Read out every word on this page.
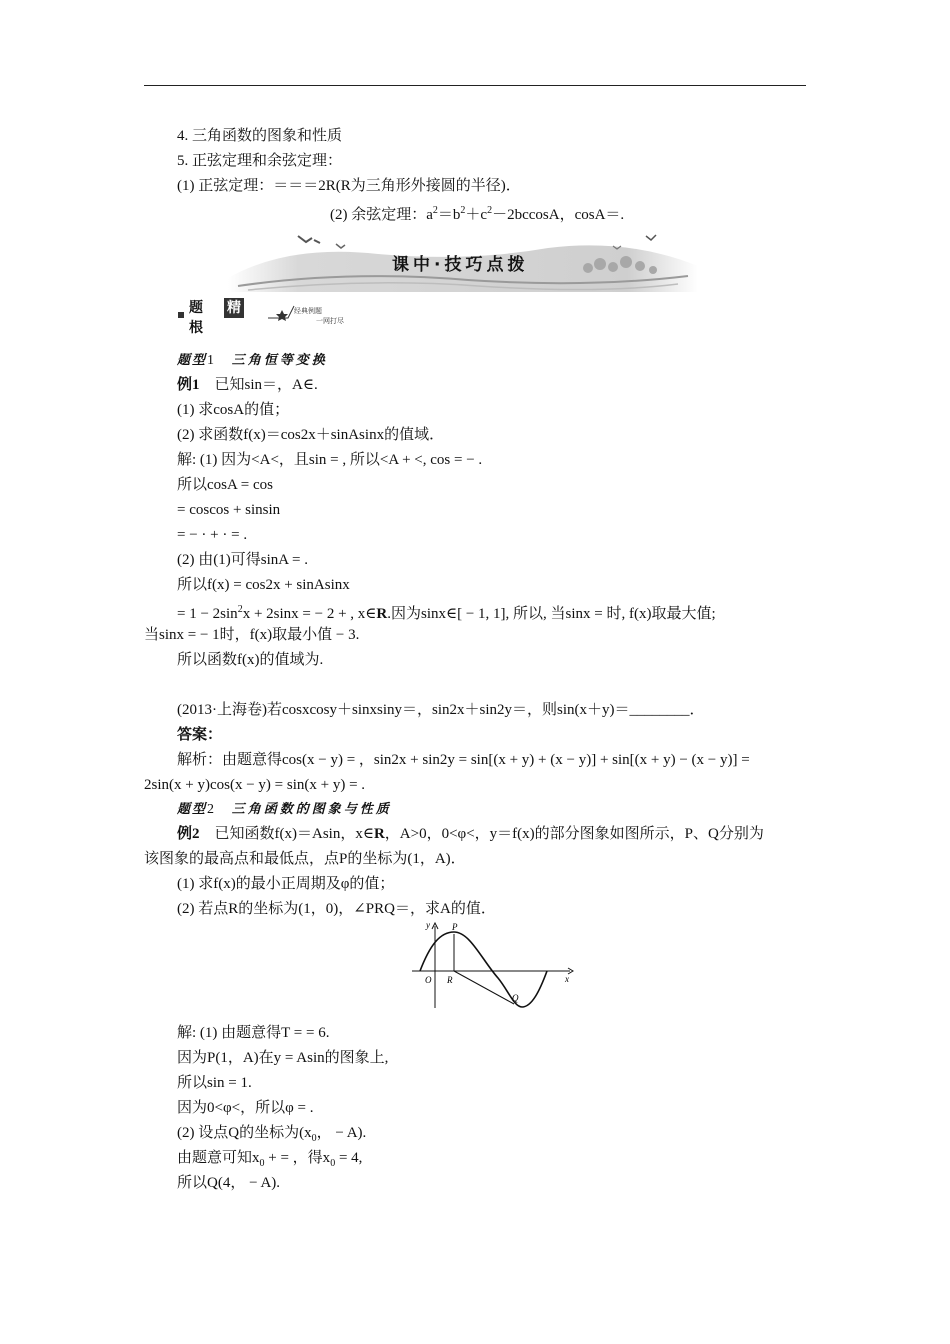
4. 三角函数的图象和性质
5. 正弦定理和余弦定理：
(1) 正弦定理：＝＝＝2R(R为三角形外接圆的半径)．
(2) 余弦定理：$a^2=b^2+c^2-2bccosA$，cosA＝.
课中·技巧点拨
题根
精选
经典例题
一网打尽
题型1 三角恒等变换
例1　已知sin＝，A∈.
(1) 求cosA的值；
(2) 求函数f(x)＝cos2x＋sinAsinx的值域．
解: (1) 因为<A<，且sin = , 所以<A + <, cos = − .
所以cosA = cos
= coscos + sinsin
= − · + · = .
(2) 由(1)可得sinA = .
所以f(x) = cos2x + sinAsinx
= $1 - 2\sin^2x + 2\sin x$ = − 2 + , x∈R.因为sinx∈[ − 1, 1], 所以, 当sinx = 时, f(x)取最大值;
当sinx = − 1时，f(x)取最小值 − 3.
所以函数f(x)的值域为.
(2013·上海卷)若cosxcosy＋sinxsiny＝，sin2x＋sin2y＝，则sin(x＋y)＝________．
答案：
解析：由题意得cos(x − y) = ，sin2x + sin2y = sin[(x + y) + (x − y)] + sin[(x + y) − (x − y)] =
2sin(x + y)cos(x − y) = sin(x + y) = .
题型2 三角函数的图象与性质
例2　已知函数f(x)＝Asin，x∈R，A>0，0<φ<，y＝f(x)的部分图象如图所示，P、Q分别为
该图象的最高点和最低点，点P的坐标为(1，A)．
(1) 求f(x)的最小正周期及φ的值；
(2) 若点R的坐标为(1，0)，∠PRQ＝，求A的值．
y
x
O
P
R
Q
解: (1) 由题意得T = = 6.
因为P(1，A)在y = Asin的图象上,
所以sin = 1.
因为0<φ<，所以φ = .
(2) 设点Q的坐标为($x_0$， − A).
由题意可知$x_0$ + = ，得$x_0 = 4$,
所以Q(4， − A).
